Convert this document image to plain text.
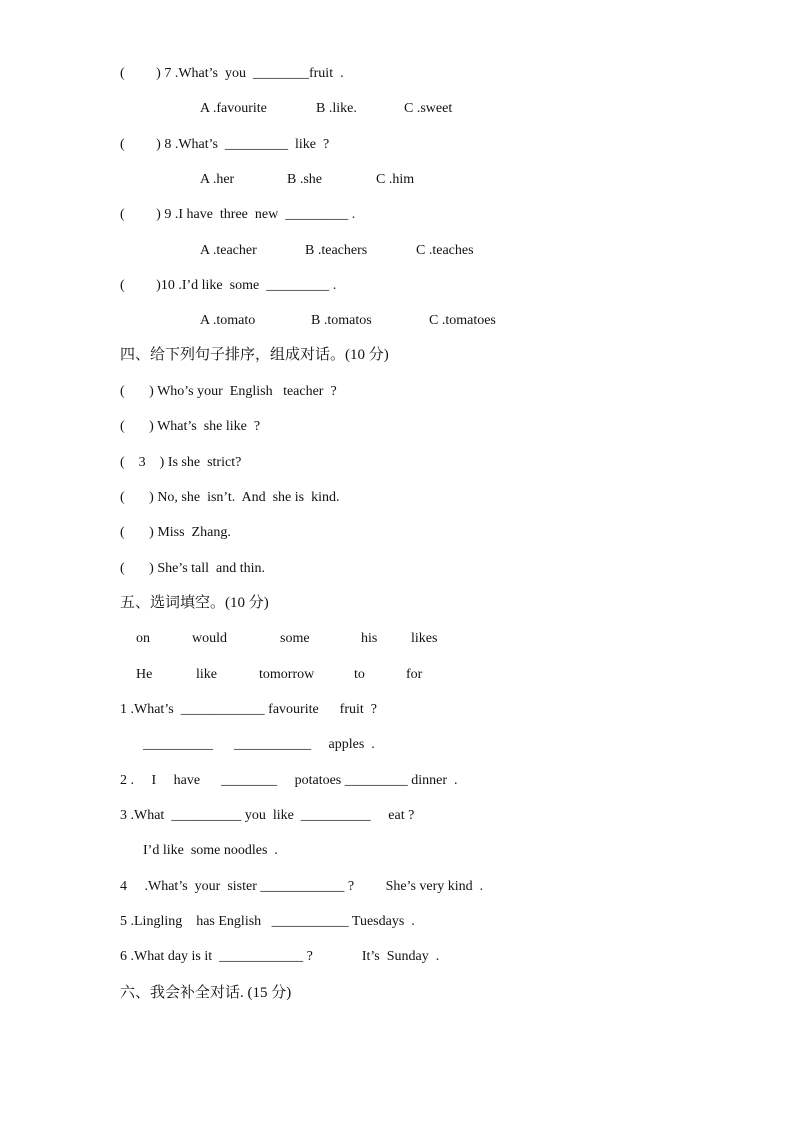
(         ) 7 .What’s  you  ________fruit  .
A .favourite	B .like.	C .sweet
(         ) 8 .What’s  _________  like  ?
A .her	B .she	C .him
(         ) 9 .I have  three  new  _________ .
A .teacher	B .teachers	C .teaches
(         )10 .I’d like  some  _________ .
A .tomato	B .tomatos	C .tomatoes
四、给下列句子排序，组成对话。(10 分)
(       ) Who’s your  English   teacher  ?
(       ) What’s  she like  ?
(    3    ) Is she  strict?
(       ) No, she  isn’t.  And  she is  kind.
(       ) Miss  Zhang.
(       ) She’s tall  and thin.
五、选词填空。(10 分)
on	would	some	his likes
He	like	tomorrow	to	for
1 .What’s  ____________ favourite      fruit  ?
__________      ___________     apples  .
2 .     I     have      ________     potatoes _________ dinner  .
3 .What  __________ you  like  __________     eat ?
I’d like  some noodles  .
4     .What’s  your  sister ____________ ?         She’s very kind  .
5 .Lingling    has English   ___________ Tuesdays  .
6 .What day is it  ____________ ?              It’s  Sunday  .
六、我会补全对话. (15 分)
